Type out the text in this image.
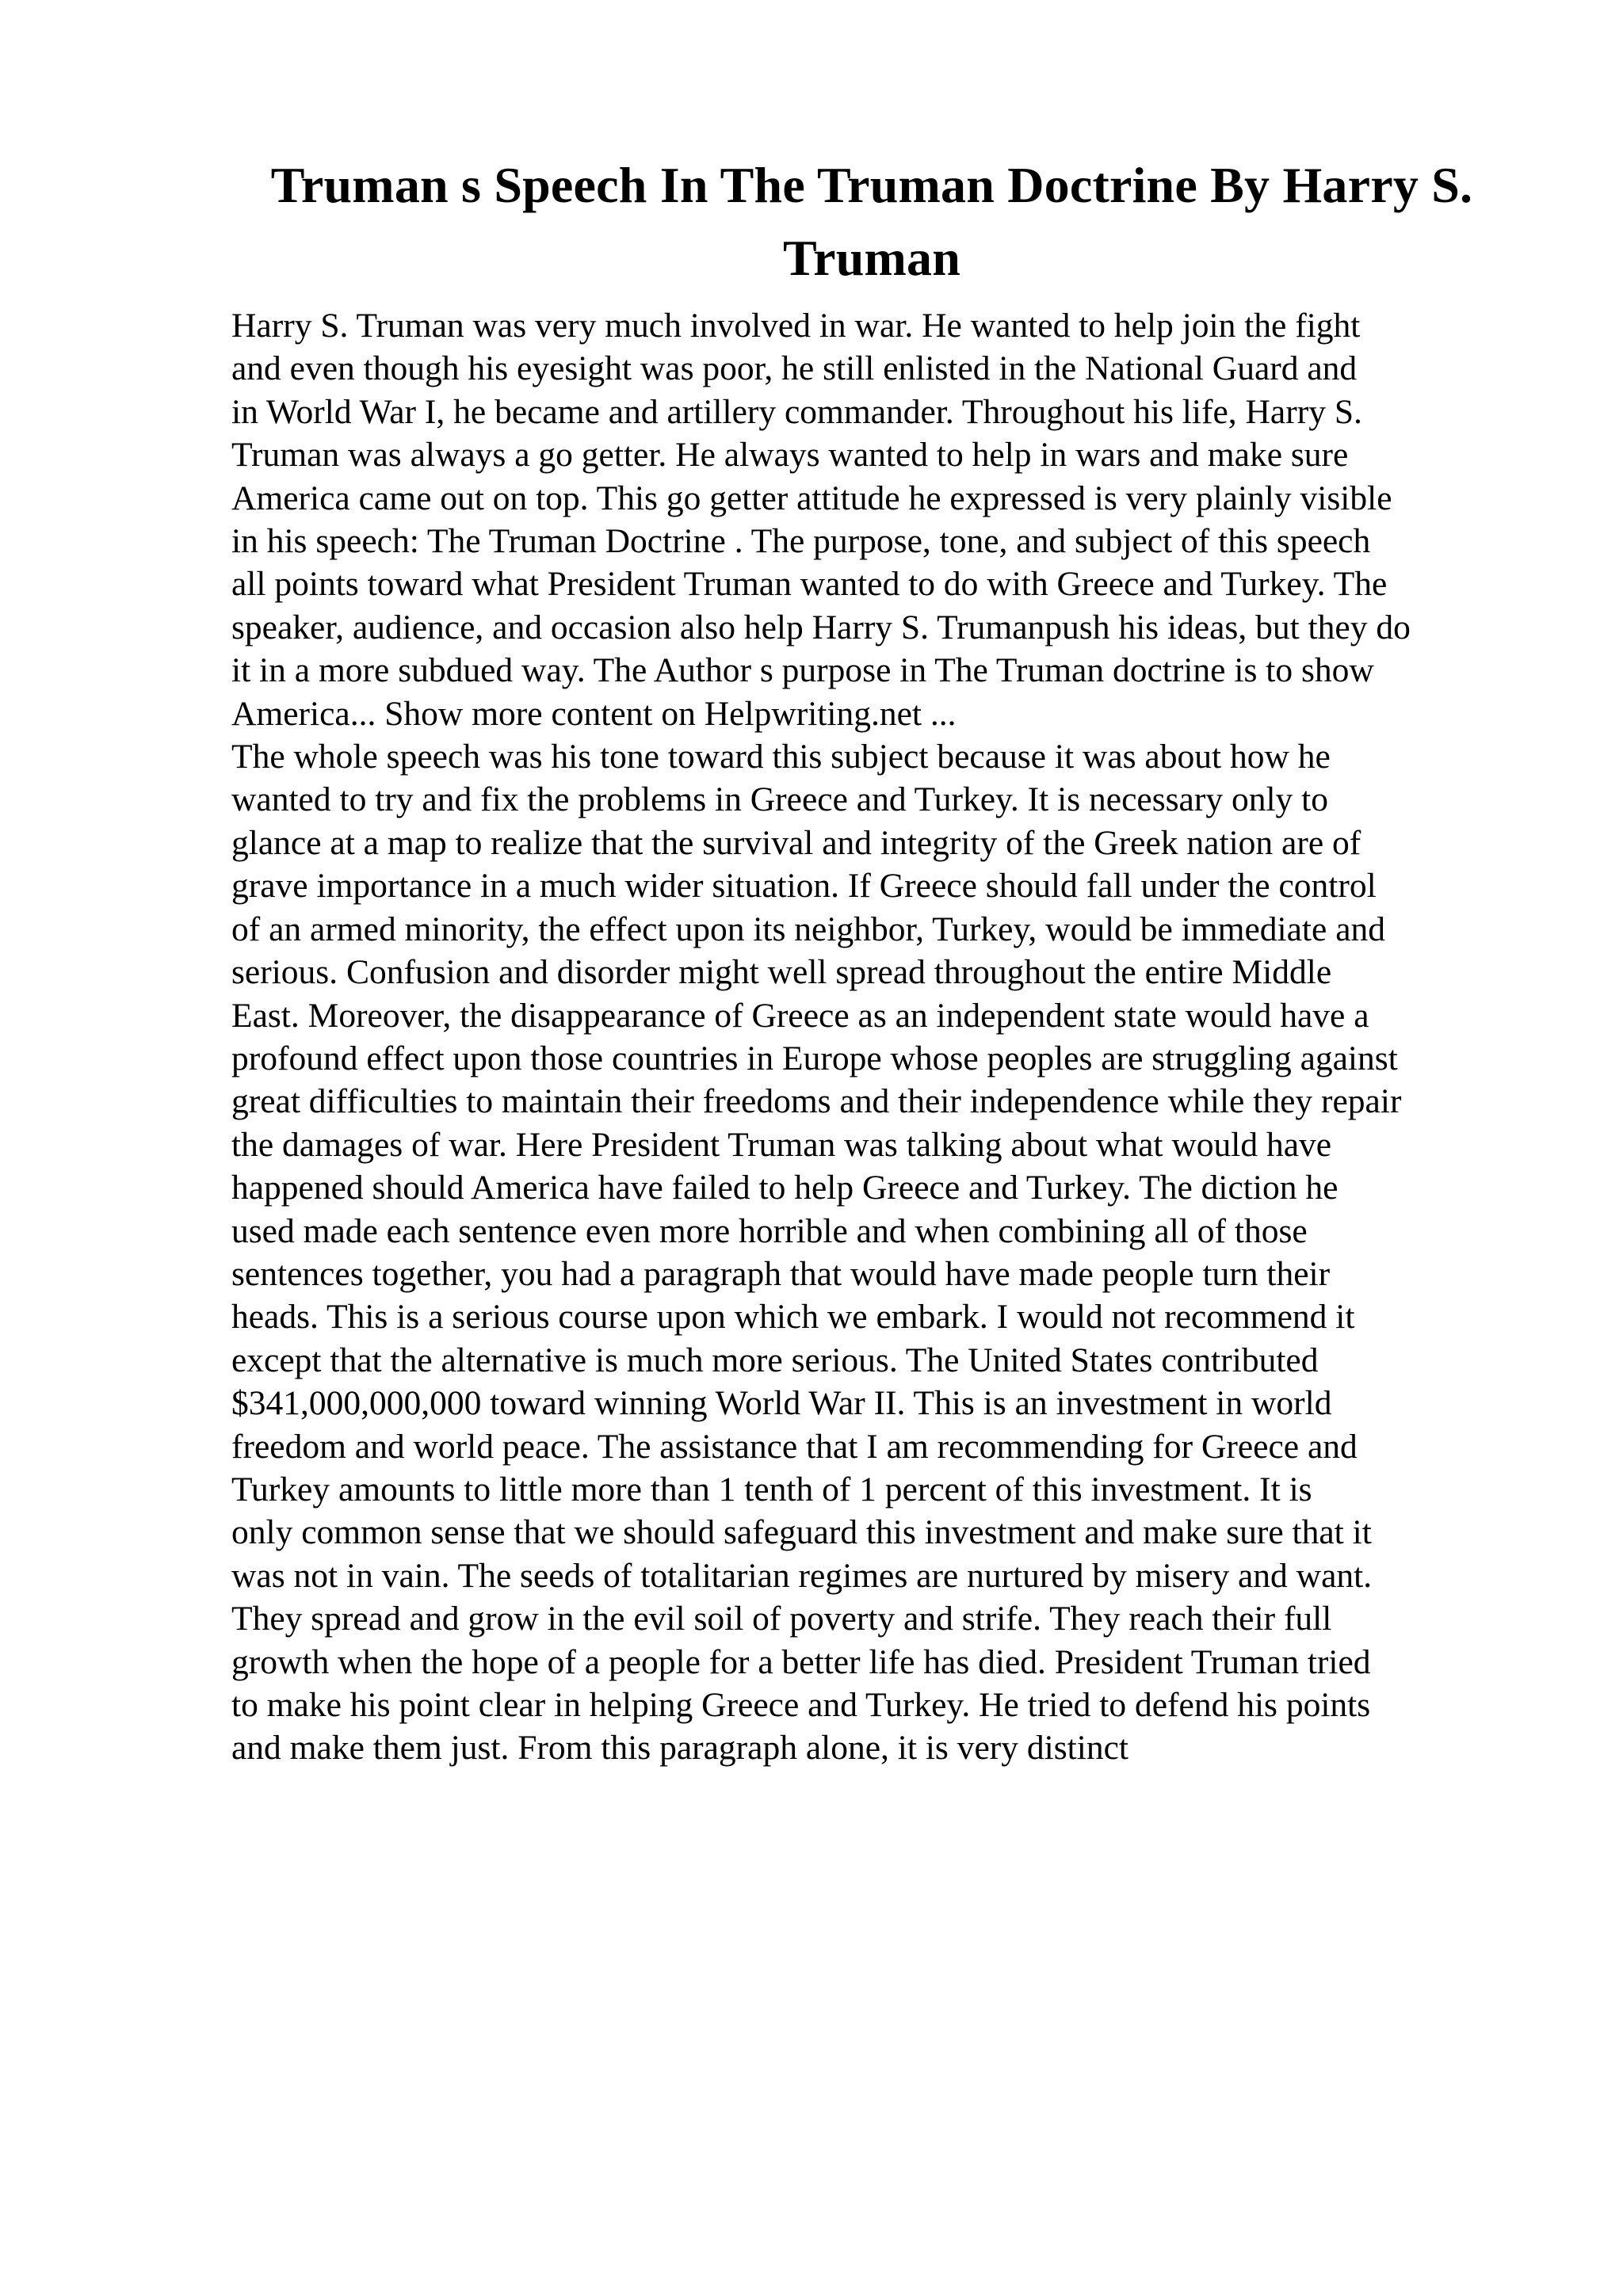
Truman s Speech In The Truman Doctrine By Harry S. Truman
Harry S. Truman was very much involved in war. He wanted to help join the fight
and even though his eyesight was poor, he still enlisted in the National Guard and
in World War I, he became and artillery commander. Throughout his life, Harry S.
Truman was always a go getter. He always wanted to help in wars and make sure
America came out on top. This go getter attitude he expressed is very plainly visible
in his speech: The Truman Doctrine . The purpose, tone, and subject of this speech
all points toward what President Truman wanted to do with Greece and Turkey. The
speaker, audience, and occasion also help Harry S. Trumanpush his ideas, but they do
it in a more subdued way. The Author s purpose in The Truman doctrine is to show
America... Show more content on Helpwriting.net ...
The whole speech was his tone toward this subject because it was about how he
wanted to try and fix the problems in Greece and Turkey. It is necessary only to
glance at a map to realize that the survival and integrity of the Greek nation are of
grave importance in a much wider situation. If Greece should fall under the control
of an armed minority, the effect upon its neighbor, Turkey, would be immediate and
serious. Confusion and disorder might well spread throughout the entire Middle
East. Moreover, the disappearance of Greece as an independent state would have a
profound effect upon those countries in Europe whose peoples are struggling against
great difficulties to maintain their freedoms and their independence while they repair
the damages of war. Here President Truman was talking about what would have
happened should America have failed to help Greece and Turkey. The diction he
used made each sentence even more horrible and when combining all of those
sentences together, you had a paragraph that would have made people turn their
heads. This is a serious course upon which we embark. I would not recommend it
except that the alternative is much more serious. The United States contributed
$341,000,000,000 toward winning World War II. This is an investment in world
freedom and world peace. The assistance that I am recommending for Greece and
Turkey amounts to little more than 1 tenth of 1 percent of this investment. It is
only common sense that we should safeguard this investment and make sure that it
was not in vain. The seeds of totalitarian regimes are nurtured by misery and want.
They spread and grow in the evil soil of poverty and strife. They reach their full
growth when the hope of a people for a better life has died. President Truman tried
to make his point clear in helping Greece and Turkey. He tried to defend his points
and make them just. From this paragraph alone, it is very distinct
